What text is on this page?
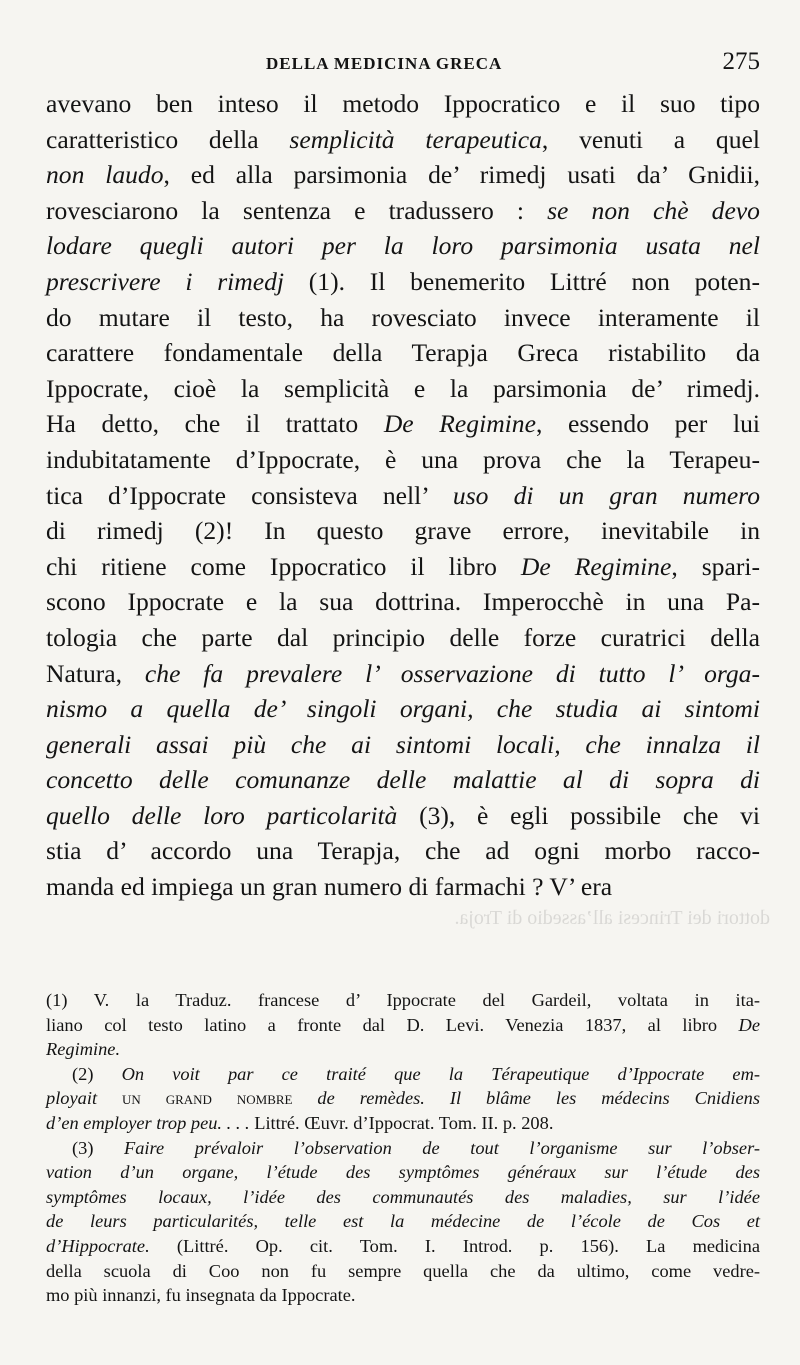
DELLA MEDICINA GRECA	275
avevano ben inteso il metodo Ippocratico e il suo tipo
caratteristico della semplicità terapeutica, venuti a quel
non laudo, ed alla parsimonia de’ rimedj usati da’ Gnidii,
rovesciarono la sentenza e tradussero : se non chè devo
lodare quegli autori per la loro parsimonia usata nel
prescrivere i rimedj (1). Il benemerito Littré non poten-
do mutare il testo, ha rovesciato invece interamente il
carattere fondamentale della Terapja Greca ristabilito da
Ippocrate, cioè la semplicità e la parsimonia de’ rimedj.
Ha detto, che il trattato De Regimine, essendo per lui
indubitatamente d’Ippocrate, è una prova che la Terapeu-
tica d’Ippocrate consisteva nell’ uso di un gran numero
di rimedj (2)! In questo grave errore, inevitabile in
chi ritiene come Ippocratico il libro De Regimine, spari-
scono Ippocrate e la sua dottrina. Imperocchè in una Pa-
tologia che parte dal principio delle forze curatrici della
Natura, che fa prevalere l’ osservazione di tutto l’ orga-
nismo a quella de’ singoli organi, che studia ai sintomi
generali assai più che ai sintomi locali, che innalza il
concetto delle comunanze delle malattie al di sopra di
quello delle loro particolarità (3), è egli possibile che vi
stia d’ accordo una Terapja, che ad ogni morbo racco-
manda ed impiega un gran numero di farmachi ? V’ era
dottori dei Trincesi all’assedio di Troja.
(1) V. la Traduz. francese d’ Ippocrate del Gardeil, voltata in ita-
liano col testo latino a fronte dal D. Levi. Venezia 1837, al libro De
Regimine.
(2) On voit par ce traité que la Térapeutique d’Ippocrate em-
ployait un grand nombre de remèdes. Il blâme les médecins Cnidiens
d’en employer trop peu. . . . Littré. Œuvr. d’Ippocrat. Tom. II. p. 208.
(3) Faire prévaloir l’observation de tout l’organisme sur l’obser-
vation d’un organe, l’étude des symptômes généraux sur l’étude des
symptômes locaux, l’idée des communautés des maladies, sur l’idée
de leurs particularités, telle est la médecine de l’école de Cos et
d’Hippocrate. (Littré. Op. cit. Tom. I. Introd. p. 156). La medicina
della scuola di Coo non fu sempre quella che da ultimo, come vedre-
mo più innanzi, fu insegnata da Ippocrate.
